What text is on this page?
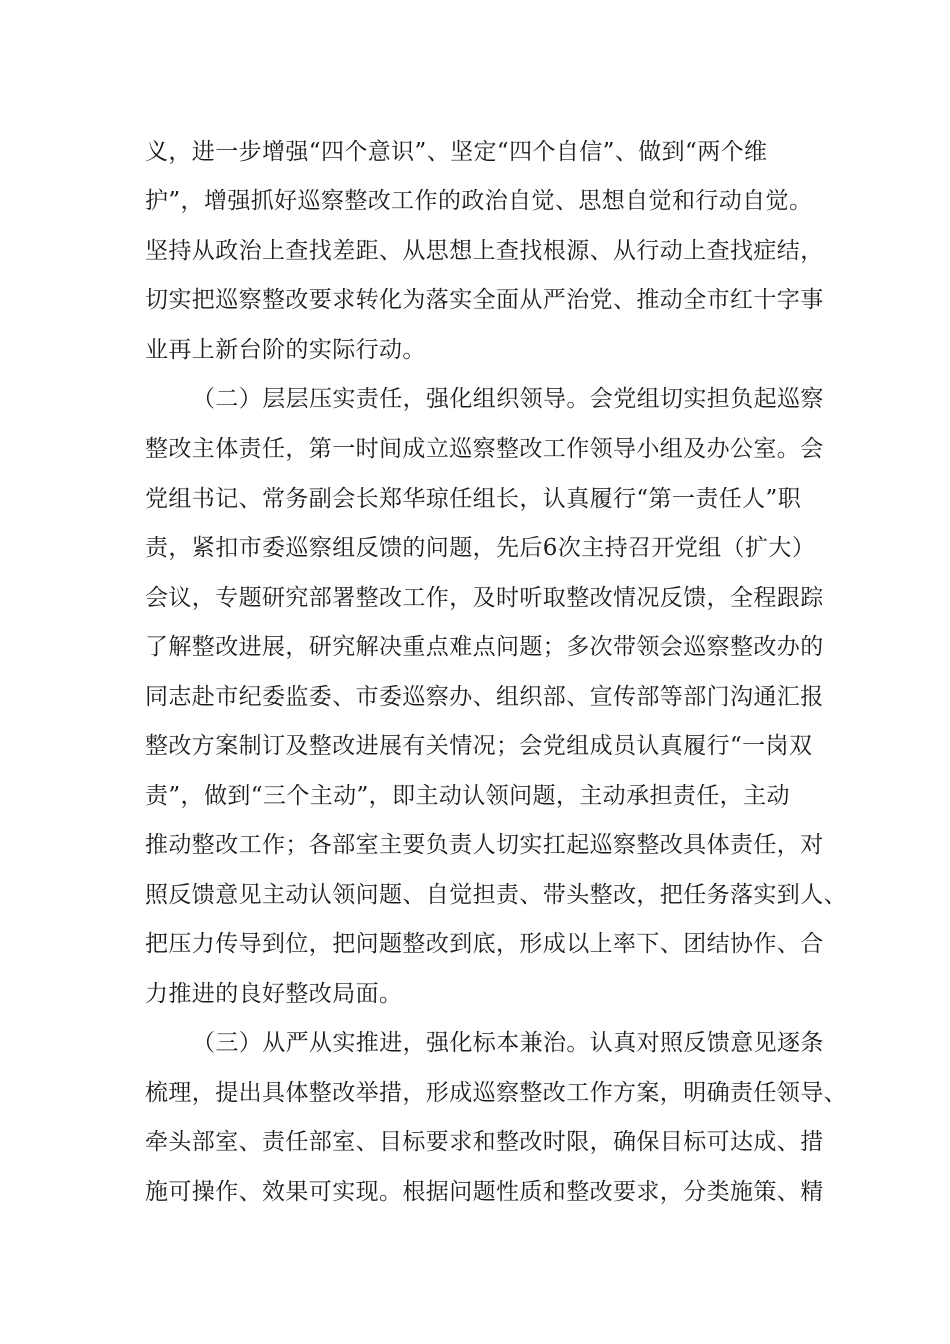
义，进一步增强“四个意识”、坚定“四个自信”、做到“两个维
护”，增强抓好巡察整改工作的政治自觉、思想自觉和行动自觉。
坚持从政治上查找差距、从思想上查找根源、从行动上查找症结，
切实把巡察整改要求转化为落实全面从严治党、推动全市红十字事
业再上新台阶的实际行动。
（二）层层压实责任，强化组织领导。会党组切实担负起巡察
整改主体责任，第一时间成立巡察整改工作领导小组及办公室。会
党组书记、常务副会长郑华琼任组长，认真履行“第一责任人”职
责，紧扣市委巡察组反馈的问题，先后6次主持召开党组（扩大）
会议，专题研究部署整改工作，及时听取整改情况反馈，全程跟踪
了解整改进展，研究解决重点难点问题；多次带领会巡察整改办的
同志赴市纪委监委、市委巡察办、组织部、宣传部等部门沟通汇报
整改方案制订及整改进展有关情况；会党组成员认真履行“一岗双
责”，做到“三个主动”，即主动认领问题，主动承担责任，主动
推动整改工作；各部室主要负责人切实扛起巡察整改具体责任，对
照反馈意见主动认领问题、自觉担责、带头整改，把任务落实到人、
把压力传导到位，把问题整改到底，形成以上率下、团结协作、合
力推进的良好整改局面。
（三）从严从实推进，强化标本兼治。认真对照反馈意见逐条
梳理，提出具体整改举措，形成巡察整改工作方案，明确责任领导、
牵头部室、责任部室、目标要求和整改时限，确保目标可达成、措
施可操作、效果可实现。根据问题性质和整改要求，分类施策、精
